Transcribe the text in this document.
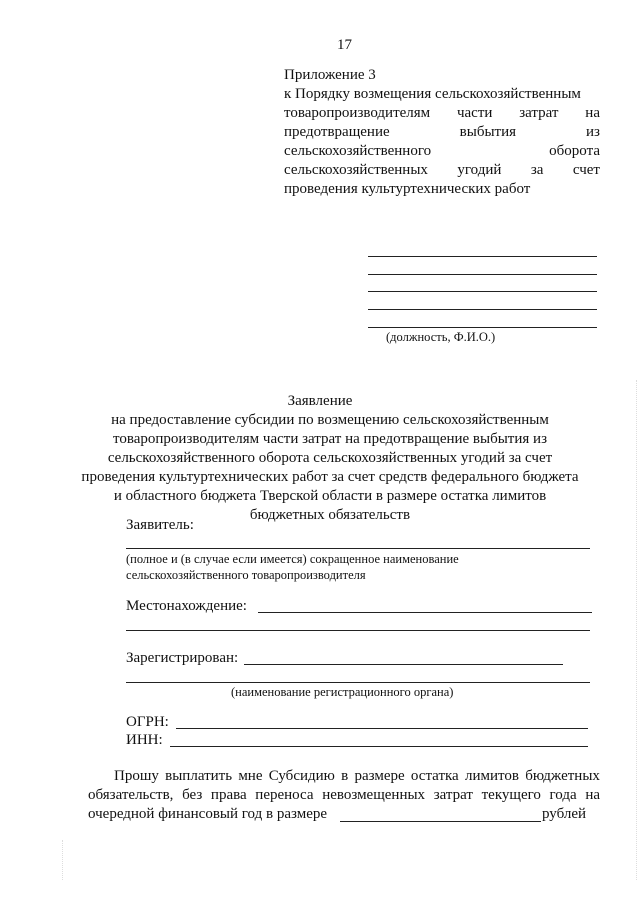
17
Приложение 3
к Порядку возмещения сельскохозяйственным
товаропроизводителям части затрат на
предотвращение	выбытия	из
сельскохозяйственного	оборота
сельскохозяйственных угодий за счет
проведения культуртехнических работ
(должность, Ф.И.О.)
Заявление
на предоставление субсидии по возмещению сельскохозяйственным
товаропроизводителям части затрат на предотвращение выбытия из
сельскохозяйственного оборота сельскохозяйственных угодий за счет
проведения культуртехнических работ за счет средств федерального бюджета
и областного бюджета Тверской области в размере остатка лимитов
бюджетных обязательств
Заявитель:
(полное и (в случае если имеется) сокращенное наименование
сельскохозяйственного товаропроизводителя
Местонахождение:
Зарегистрирован:
(наименование регистрационного органа)
ОГРН:
ИНН:
Прошу выплатить мне Субсидию в размере остатка лимитов бюджетных
обязательств, без права переноса невозмещенных затрат текущего года на
очередной финансовый год в размере	рублей
